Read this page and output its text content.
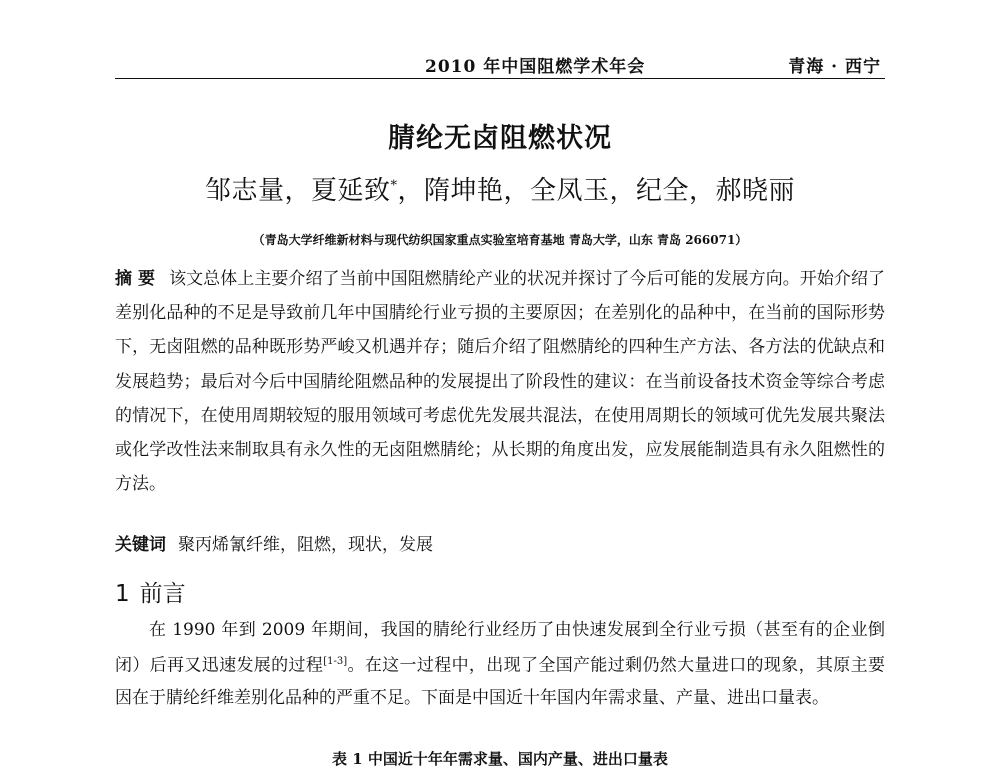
2010 年中国阻燃学术年会	青海 · 西宁
腈纶无卤阻燃状况
邹志量，夏延致*，隋坤艳，全凤玉，纪全，郝晓丽
（青岛大学纤维新材料与现代纺织国家重点实验室培育基地 青岛大学，山东 青岛 266071）
摘 要 该文总体上主要介绍了当前中国阻燃腈纶产业的状况并探讨了今后可能的发展方向。开始介绍了差别化品种的不足是导致前几年中国腈纶行业亏损的主要原因；在差别化的品种中，在当前的国际形势下，无卤阻燃的品种既形势严峻又机遇并存；随后介绍了阻燃腈纶的四种生产方法、各方法的优缺点和发展趋势；最后对今后中国腈纶阻燃品种的发展提出了阶段性的建议：在当前设备技术资金等综合考虑的情况下，在使用周期较短的服用领域可考虑优先发展共混法，在使用周期长的领域可优先发展共聚法或化学改性法来制取具有永久性的无卤阻燃腈纶；从长期的角度出发，应发展能制造具有永久阻燃性的方法。
关键词 聚丙烯氰纤维，阻燃，现状，发展
1 前言
在 1990 年到 2009 年期间，我国的腈纶行业经历了由快速发展到全行业亏损（甚至有的企业倒闭）后再又迅速发展的过程[1-3]。在这一过程中，出现了全国产能过剩仍然大量进口的现象，其原主要因在于腈纶纤维差别化品种的严重不足。下面是中国近十年国内年需求量、产量、进出口量表。
表 1 中国近十年年需求量、国内产量、进出口量表
